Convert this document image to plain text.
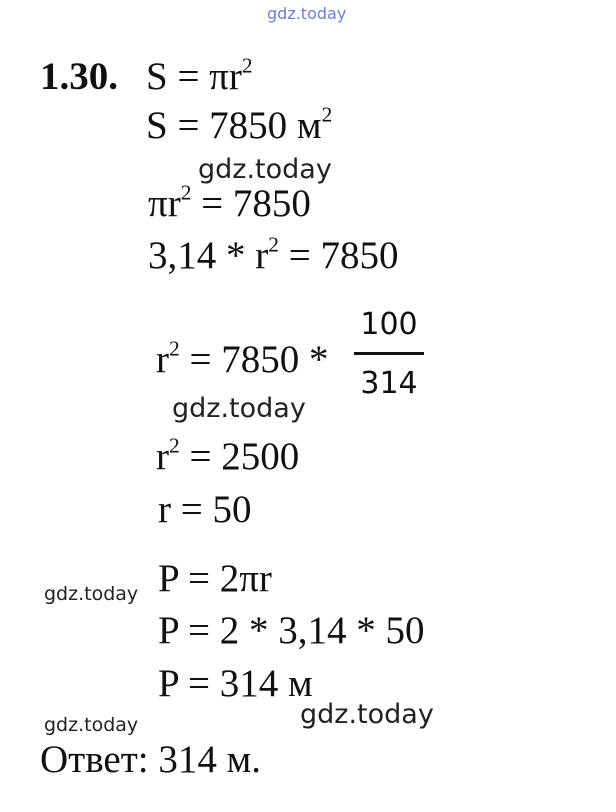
gdz.today
1.30. $S = \pi r^2$
S = 7850 $м^2$
gdz.today
$\pi r^2 = 7850$
$3,14 * r^2 = 7850$
$r^2 = 7850$ *
100
314
gdz.today
$r^2 = 2500$
r = 50
gdz.today P = 2πr
P = 2 * 3,14 * 50
P = 314 м
gdz.today
gdz.today
Ответ: 314 м.
